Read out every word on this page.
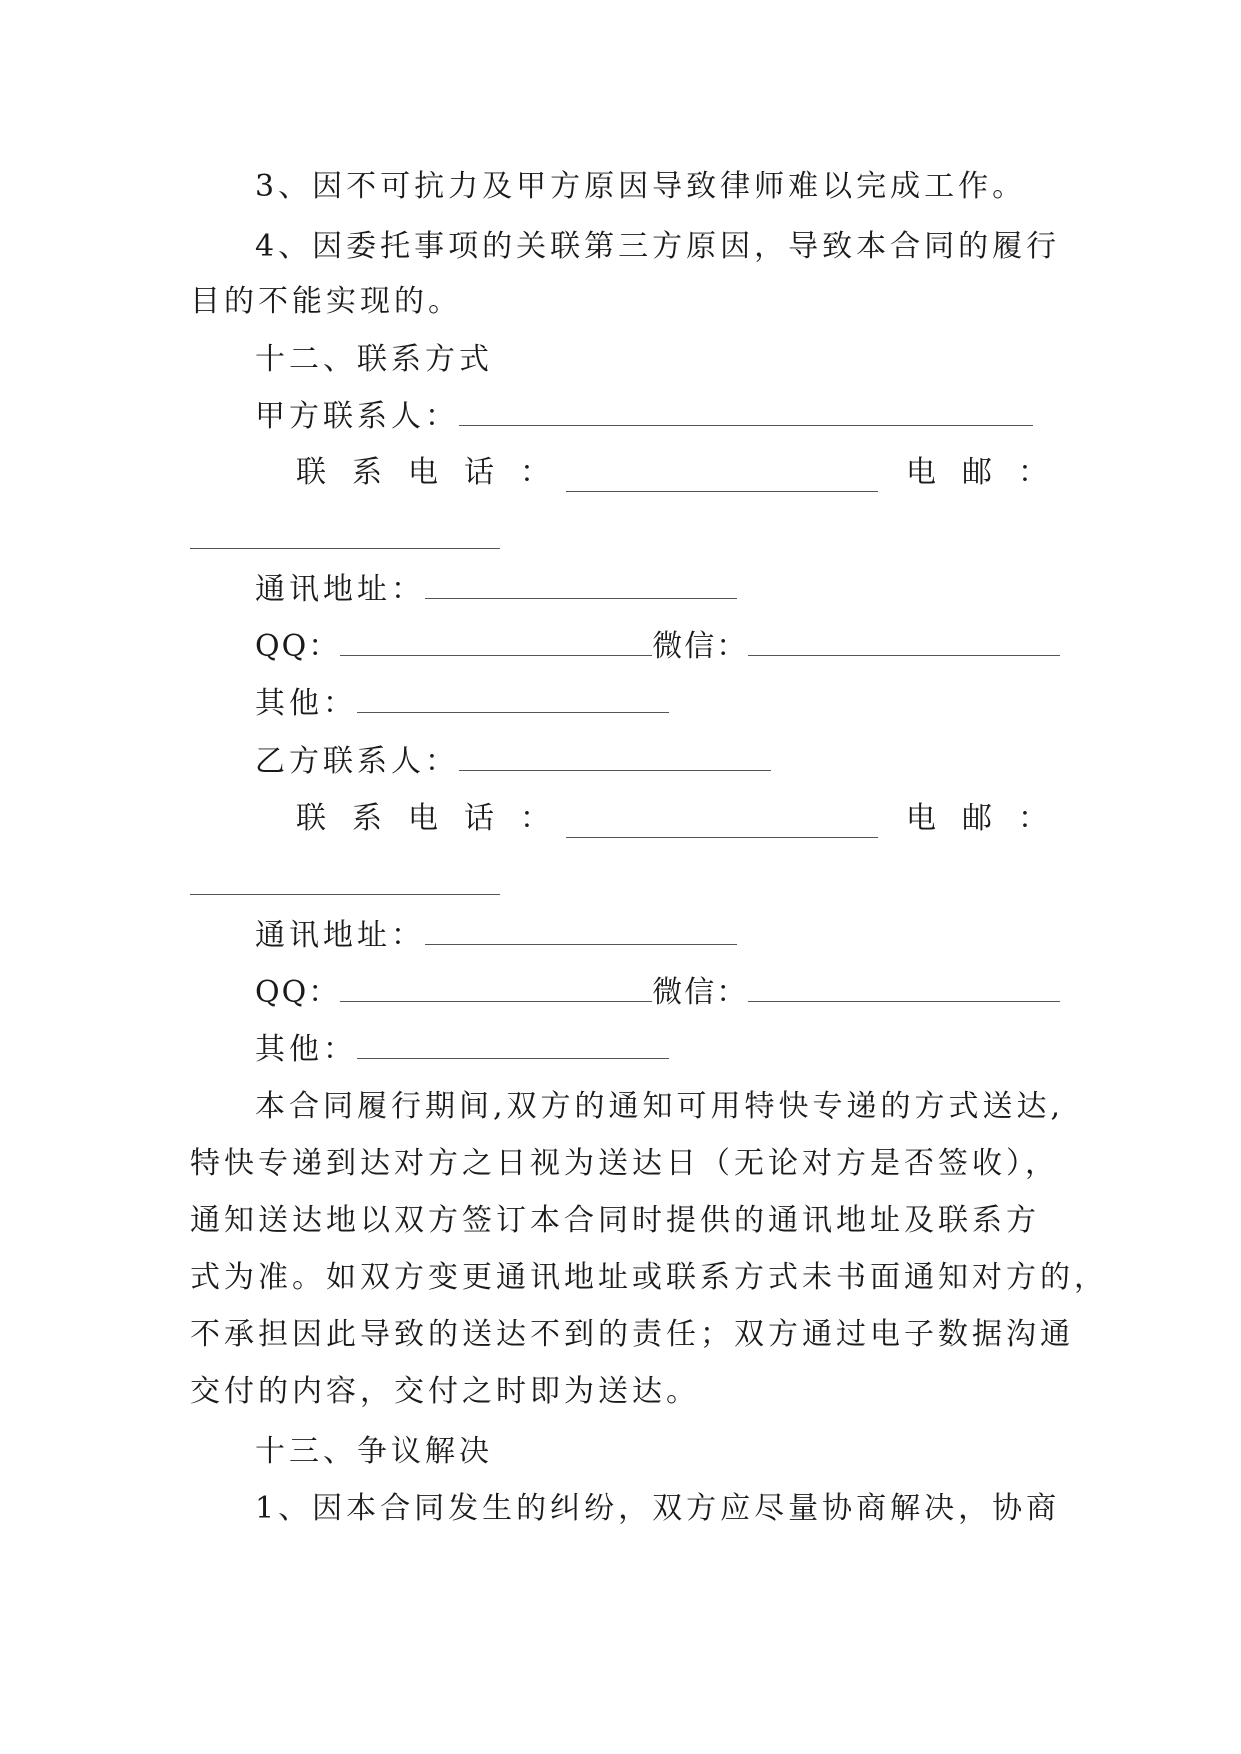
3、因不可抗力及甲方原因导致律师难以完成工作。
4、因委托事项的关联第三方原因，导致本合同的履行
目的不能实现的。
十二、联系方式
甲方联系人：
联系电话：	电邮：
通讯地址：
QQ：	微信：
其他：
乙方联系人：
联系电话：	电邮：
通讯地址：
QQ：	微信：
其他：
本合同履行期间,双方的通知可用特快专递的方式送达,
特快专递到达对方之日视为送达日（无论对方是否签收），
通知送达地以双方签订本合同时提供的通讯地址及联系方
式为准。如双方变更通讯地址或联系方式未书面通知对方的，
不承担因此导致的送达不到的责任；双方通过电子数据沟通
交付的内容，交付之时即为送达。
十三、争议解决
1、因本合同发生的纠纷，双方应尽量协商解决，协商
